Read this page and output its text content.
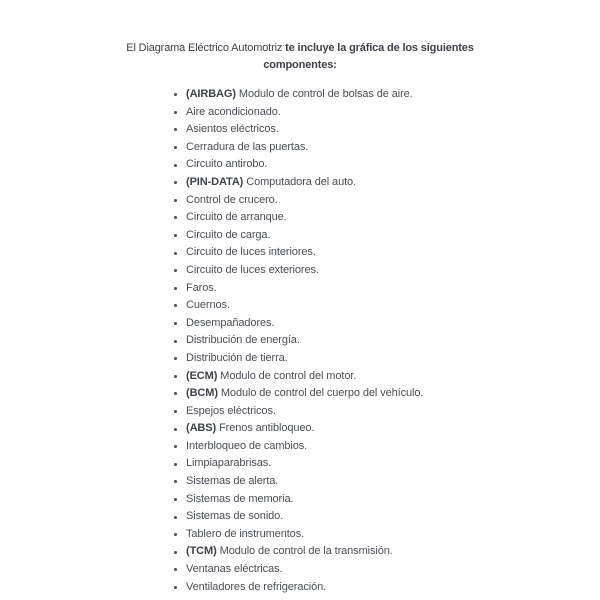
El Diagrama Eléctrico Automotriz te incluye la gráfica de los siguientes componentes:
(AIRBAG) Modulo de control de bolsas de aire.
Aire acondicionado.
Asientos eléctricos.
Cerradura de las puertas.
Circuito antirobo.
(PIN-DATA) Computadora del auto.
Control de crucero.
Circuito de arranque.
Circuito de carga.
Circuito de luces interiores.
Circuito de luces exteriores.
Faros.
Cuernos.
Desempañadores.
Distribución de energía.
Distribución de tierra.
(ECM) Modulo de control del motor.
(BCM) Modulo de control del cuerpo del vehículo.
Espejos eléctricos.
(ABS) Frenos antibloqueo.
Interbloqueo de cambios.
Limpiaparabrisas.
Sistemas de alerta.
Sistemas de memoria.
Sistemas de sonido.
Tablero de instrumentos.
(TCM) Modulo de control de la transmisión.
Ventanas eléctricas.
Ventiladores de refrigeración.
